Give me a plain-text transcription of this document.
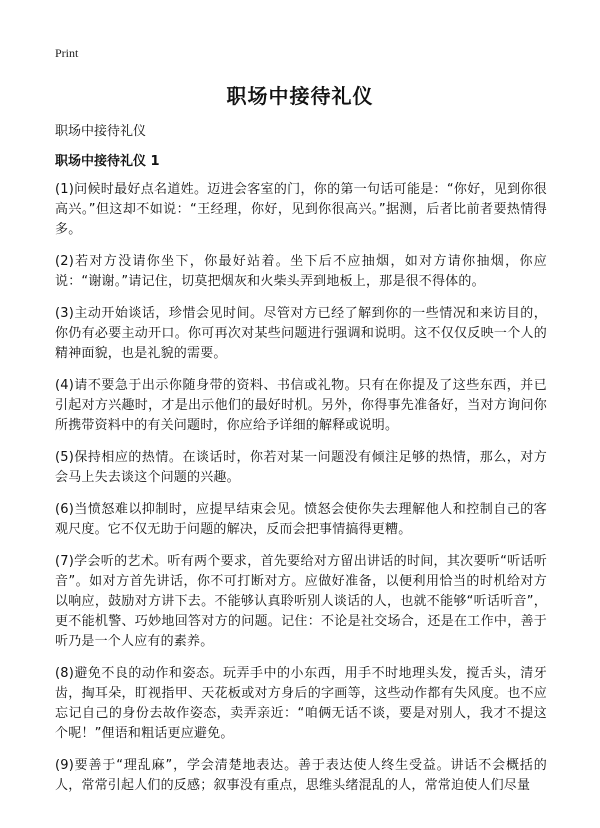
Print
职场中接待礼仪

职场中接待礼仪

职场中接待礼仪 1

(1)问候时最好点名道姓。迈进会客室的门，你的第一句话可能是：“你好，见到你很高兴。”但这却不如说：“王经理，你好，见到你很高兴。”据测，后者比前者要热情得多。

(2)若对方没请你坐下，你最好站着。坐下后不应抽烟，如对方请你抽烟，你应说：“谢谢。”请记住，切莫把烟灰和火柴头弄到地板上，那是很不得体的。

(3)主动开始谈话，珍惜会见时间。尽管对方已经了解到你的一些情况和来访目的，你仍有必要主动开口。你可再次对某些问题进行强调和说明。这不仅仅反映一个人的精神面貌，也是礼貌的需要。

(4)请不要急于出示你随身带的资料、书信或礼物。只有在你提及了这些东西，并已引起对方兴趣时，才是出示他们的最好时机。另外，你得事先准备好，当对方询问你所携带资料中的有关问题时，你应给予详细的解释或说明。

(5)保持相应的热情。在谈话时，你若对某一问题没有倾注足够的热情，那么，对方会马上失去谈这个问题的兴趣。

(6)当愤怒难以抑制时，应提早结束会见。愤怒会使你失去理解他人和控制自己的客观尺度。它不仅无助于问题的解决，反而会把事情搞得更糟。

(7)学会听的艺术。听有两个要求，首先要给对方留出讲话的时间，其次要听“听话听音”。如对方首先讲话，你不可打断对方。应做好准备，以便利用恰当的时机给对方以响应，鼓励对方讲下去。不能够认真聆听别人谈话的人，也就不能够“听话听音”，更不能机警、巧妙地回答对方的问题。记住：不论是社交场合，还是在工作中，善于听乃是一个人应有的素养。

(8)避免不良的动作和姿态。玩弄手中的小东西，用手不时地理头发，搅舌头，清牙齿，掏耳朵，盯视指甲、天花板或对方身后的字画等，这些动作都有失风度。也不应忘记自己的身份去故作姿态，卖弄亲近：“咱俩无话不谈，要是对别人，我才不提这个呢！”俚语和粗话更应避免。

(9)要善于“理乱麻”，学会清楚地表达。善于表达使人终生受益。讲话不会概括的人，常常引起人们的反感；叙事没有重点，思维头绪混乱的人，常常迫使人们尽量
